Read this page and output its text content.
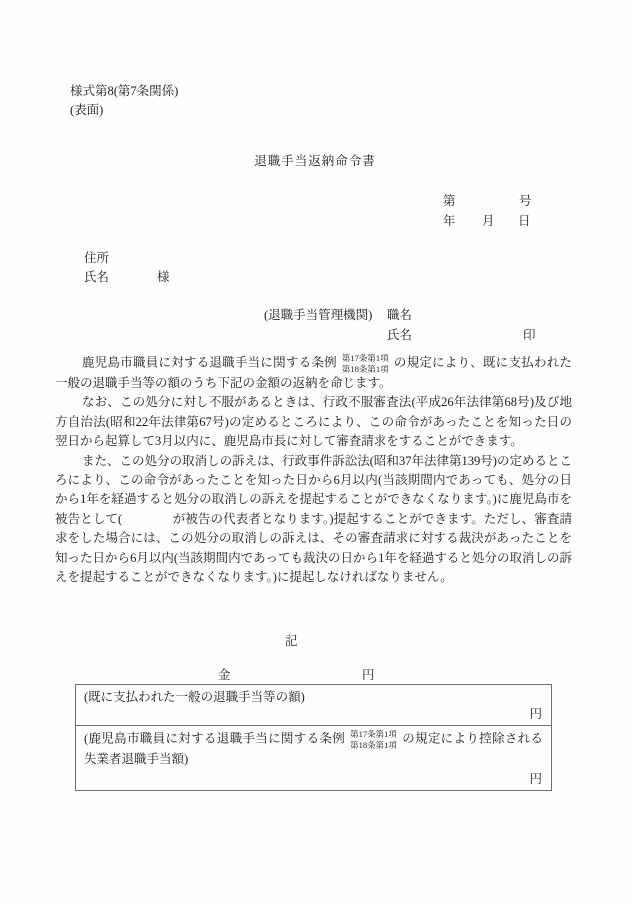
様式第8(第7条関係)
(表面)
退職手当返納命令書
第	号
年 月 日
住所
氏名	様
(退職手当管理機関) 職名
氏名	印

鹿児島市職員に対する退職手当に関する条例 第17条第1項
第18条第1項 の規定により、既に支払われた一般の退職手当等の額のうち下記の金額の返納を命じます。

なお、この処分に対し不服があるときは、行政不服審査法(平成26年法律第68号)及び地方自治法(昭和22年法律第67号)の定めるところにより、この命令があったことを知った日の翌日から起算して3月以内に、鹿児島市長に対して審査請求をすることができます。

また、この処分の取消しの訴えは、行政事件訴訟法(昭和37年法律第139号)の定めるところにより、この命令があったことを知った日から6月以内(当該期間内であっても、処分の日から1年を経過すると処分の取消しの訴えを提起することができなくなります。)に鹿児島市を被告として(　　　　が被告の代表者となります。)提起することができます。ただし、審査請求をした場合には、この処分の取消しの訴えは、その審査請求に対する裁決があったことを知った日から6月以内(当該期間内であっても裁決の日から1年を経過すると処分の取消しの訴えを提起することができなくなります。)に提起しなければなりません。

記
金	円
(既に支払われた一般の退職手当等の額)
円
(鹿児島市職員に対する退職手当に関する条例 第17条第1項
第18条第1項 の規定により控除される失業者退職手当額)
円
